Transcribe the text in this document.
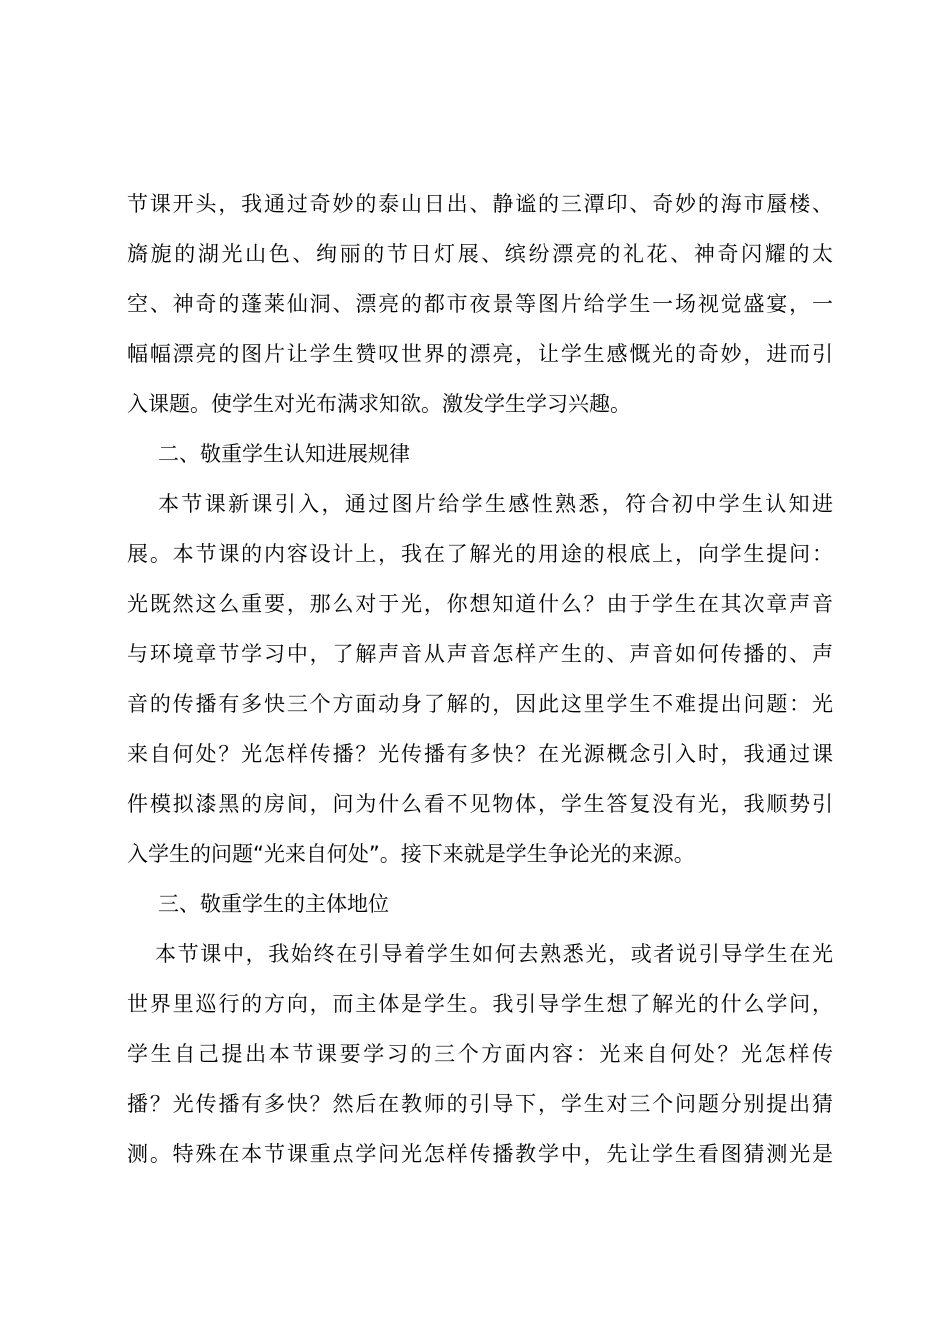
节课开头，我通过奇妙的泰山日出、静谧的三潭印、奇妙的海市蜃楼、

旖旎的湖光山色、绚丽的节日灯展、缤纷漂亮的礼花、神奇闪耀的太

空、神奇的蓬莱仙洞、漂亮的都市夜景等图片给学生一场视觉盛宴，一

幅幅漂亮的图片让学生赞叹世界的漂亮，让学生感慨光的奇妙，进而引

入课题。使学生对光布满求知欲。激发学生学习兴趣。

二、敬重学生认知进展规律

本节课新课引入，通过图片给学生感性熟悉，符合初中学生认知进

展。本节课的内容设计上，我在了解光的用途的根底上，向学生提问：

光既然这么重要，那么对于光，你想知道什么？由于学生在其次章声音

与环境章节学习中，了解声音从声音怎样产生的、声音如何传播的、声

音的传播有多快三个方面动身了解的，因此这里学生不难提出问题：光

来自何处？光怎样传播？光传播有多快？在光源概念引入时，我通过课

件模拟漆黑的房间，问为什么看不见物体，学生答复没有光，我顺势引

入学生的问题“光来自何处”。接下来就是学生争论光的来源。

三、敬重学生的主体地位

本节课中，我始终在引导着学生如何去熟悉光，或者说引导学生在光

世界里巡行的方向，而主体是学生。我引导学生想了解光的什么学问，

学生自己提出本节课要学习的三个方面内容：光来自何处？光怎样传

播？光传播有多快？然后在教师的引导下，学生对三个问题分别提出猜

测。特殊在本节课重点学问光怎样传播教学中，先让学生看图猜测光是
